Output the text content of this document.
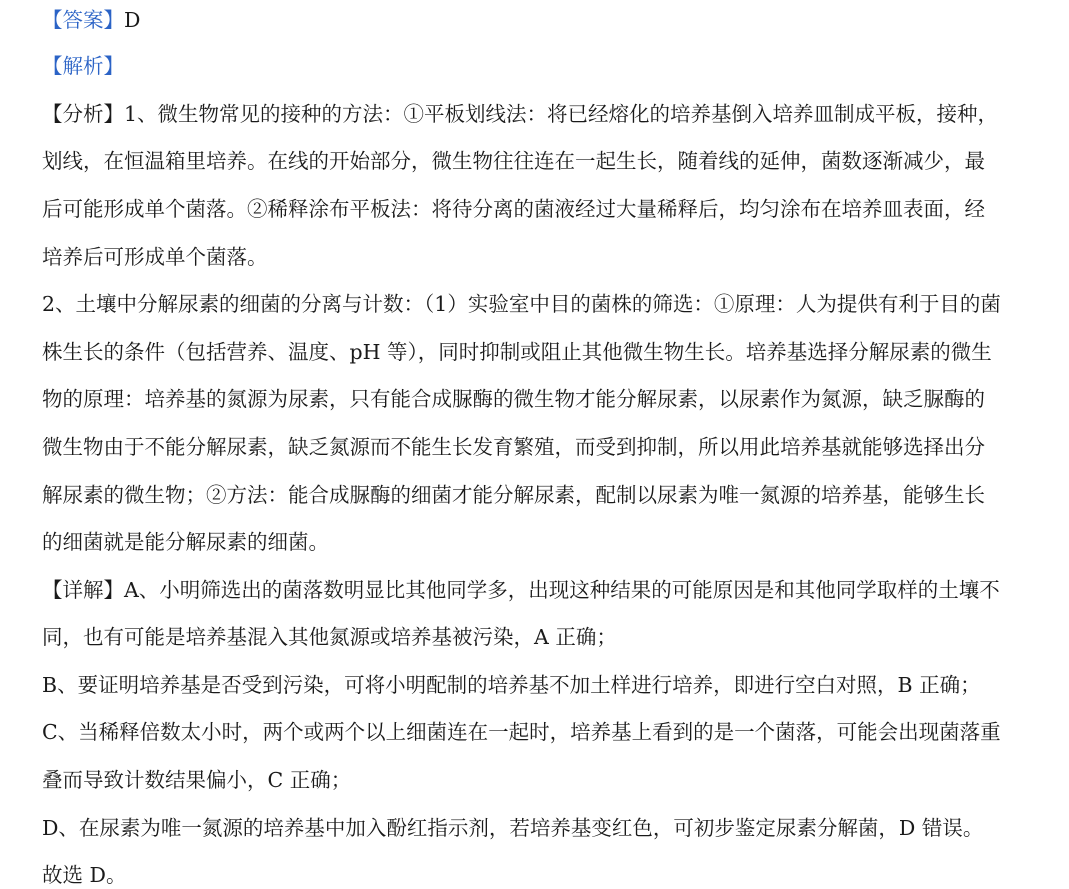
【答案】D
【解析】
【分析】1、微生物常见的接种的方法：①平板划线法：将已经熔化的培养基倒入培养皿制成平板，接种，
划线，在恒温箱里培养。在线的开始部分，微生物往往连在一起生长，随着线的延伸，菌数逐渐减少，最
后可能形成单个菌落。②稀释涂布平板法：将待分离的菌液经过大量稀释后，均匀涂布在培养皿表面，经
培养后可形成单个菌落。
2、土壤中分解尿素的细菌的分离与计数：（1）实验室中目的菌株的筛选：①原理：人为提供有利于目的菌
株生长的条件（包括营养、温度、pH 等），同时抑制或阻止其他微生物生长。培养基选择分解尿素的微生
物的原理：培养基的氮源为尿素，只有能合成脲酶的微生物才能分解尿素，以尿素作为氮源，缺乏脲酶的
微生物由于不能分解尿素，缺乏氮源而不能生长发育繁殖，而受到抑制，所以用此培养基就能够选择出分
解尿素的微生物；②方法：能合成脲酶的细菌才能分解尿素，配制以尿素为唯一氮源的培养基，能够生长
的细菌就是能分解尿素的细菌。
【详解】A、小明筛选出的菌落数明显比其他同学多，出现这种结果的可能原因是和其他同学取样的土壤不
同，也有可能是培养基混入其他氮源或培养基被污染，A 正确；
B、要证明培养基是否受到污染，可将小明配制的培养基不加土样进行培养，即进行空白对照，B 正确；
C、当稀释倍数太小时，两个或两个以上细菌连在一起时，培养基上看到的是一个菌落，可能会出现菌落重
叠而导致计数结果偏小，C 正确；
D、在尿素为唯一氮源的培养基中加入酚红指示剂，若培养基变红色，可初步鉴定尿素分解菌，D 错误。
故选 D。
